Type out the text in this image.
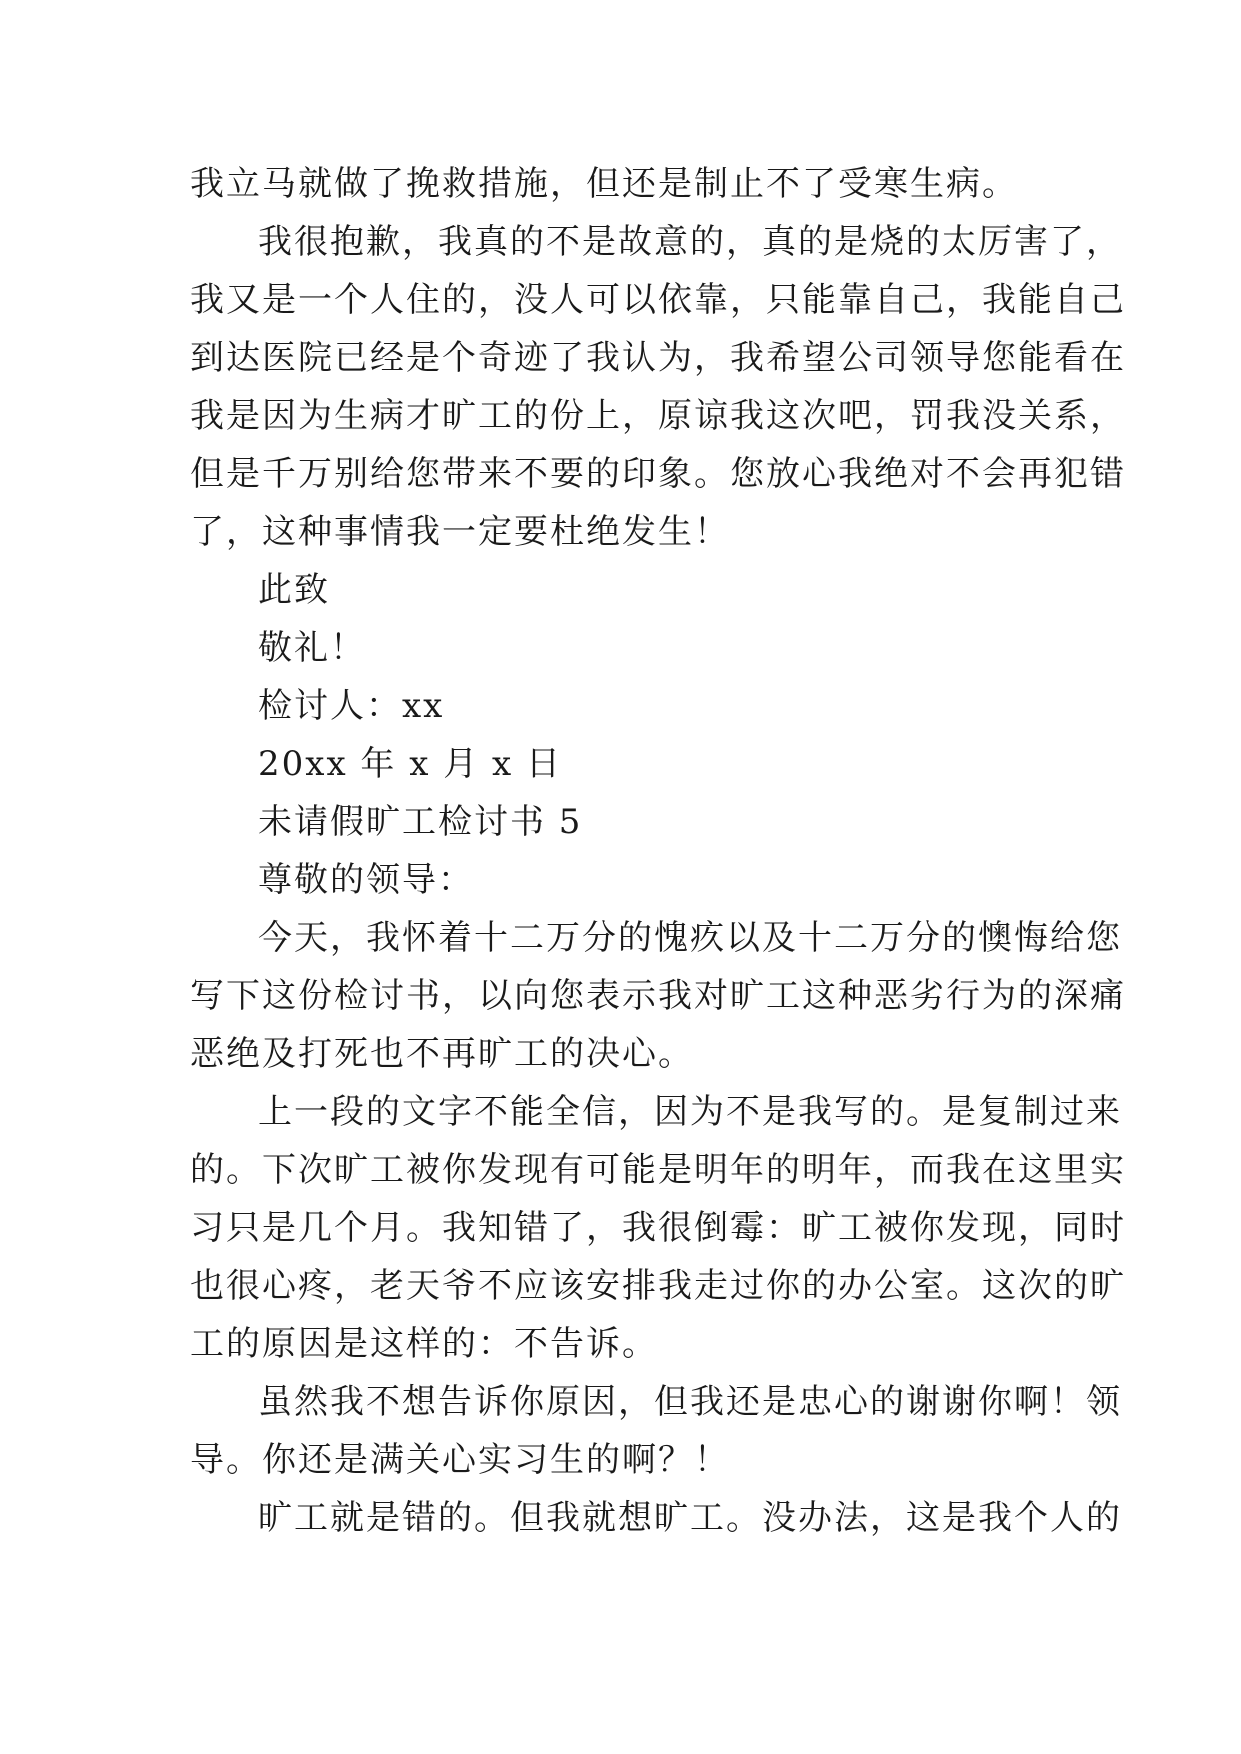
我立马就做了挽救措施，但还是制止不了受寒生病。
我很抱歉，我真的不是故意的，真的是烧的太厉害了，
我又是一个人住的，没人可以依靠，只能靠自己，我能自己
到达医院已经是个奇迹了我认为，我希望公司领导您能看在
我是因为生病才旷工的份上，原谅我这次吧，罚我没关系，
但是千万别给您带来不要的印象。您放心我绝对不会再犯错
了，这种事情我一定要杜绝发生！
此致
敬礼！
检讨人：xx
20xx 年 x 月 x 日
未请假旷工检讨书 5
尊敬的领导：
今天，我怀着十二万分的愧疚以及十二万分的懊悔给您
写下这份检讨书，以向您表示我对旷工这种恶劣行为的深痛
恶绝及打死也不再旷工的决心。
上一段的文字不能全信，因为不是我写的。是复制过来
的。下次旷工被你发现有可能是明年的明年，而我在这里实
习只是几个月。我知错了，我很倒霉：旷工被你发现，同时
也很心疼，老天爷不应该安排我走过你的办公室。这次的旷
工的原因是这样的：不告诉。
虽然我不想告诉你原因，但我还是忠心的谢谢你啊！领
导。你还是满关心实习生的啊？！
旷工就是错的。但我就想旷工。没办法，这是我个人的
